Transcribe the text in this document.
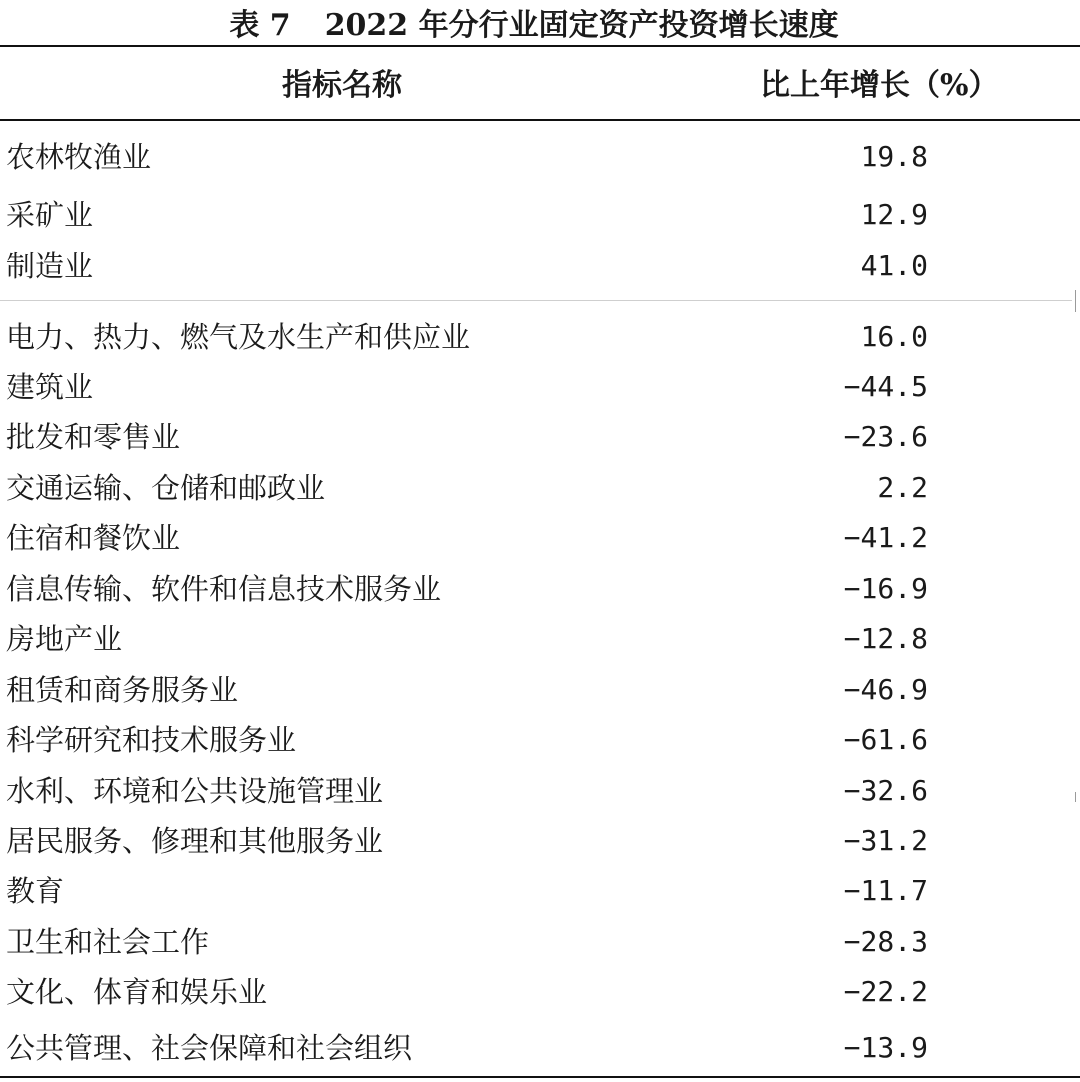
表 7 2022 年分行业固定资产投资增长速度
指标名称	比上年增长（%）
农林牧渔业	19.8
采矿业	12.9
制造业	41.0
电力、热力、燃气及水生产和供应业	16.0
建筑业	−44.5
批发和零售业	−23.6
交通运输、仓储和邮政业	2.2
住宿和餐饮业	−41.2
信息传输、软件和信息技术服务业	−16.9
房地产业	−12.8
租赁和商务服务业	−46.9
科学研究和技术服务业	−61.6
水利、环境和公共设施管理业	−32.6
居民服务、修理和其他服务业	−31.2
教育	−11.7
卫生和社会工作	−28.3
文化、体育和娱乐业	−22.2
公共管理、社会保障和社会组织	−13.9
